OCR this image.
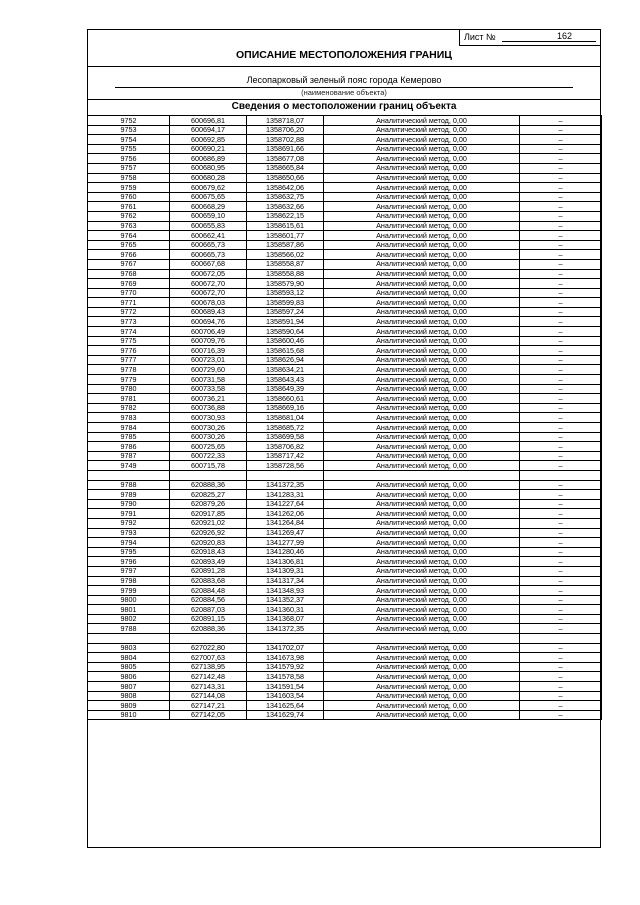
Лист №	162
ОПИСАНИЕ МЕСТОПОЛОЖЕНИЯ ГРАНИЦ
Лесопарковый зеленый пояс города Кемерово
(наименование объекта)
Сведения о местоположении границ объекта
9752	600696,81	1358718,07	Аналитический метод, 0,00	–
9753	600694,17	1358706,20	Аналитический метод, 0,00	–
9754	600692,85	1358702,88	Аналитический метод, 0,00	–
9755	600690,21	1358691,66	Аналитический метод, 0,00	–
9756	600686,89	1358677,08	Аналитический метод, 0,00	–
9757	600680,95	1358665,84	Аналитический метод, 0,00	–
9758	600680,28	1358650,66	Аналитический метод, 0,00	–
9759	600679,62	1358642,06	Аналитический метод, 0,00	–
9760	600675,65	1358632,75	Аналитический метод, 0,00	–
9761	600668,29	1358632,66	Аналитический метод, 0,00	–
9762	600659,10	1358622,15	Аналитический метод, 0,00	–
9763	600655,83	1358615,61	Аналитический метод, 0,00	–
9764	600662,41	1358601,77	Аналитический метод, 0,00	–
9765	600665,73	1358587,86	Аналитический метод, 0,00	–
9766	600665,73	1358566,02	Аналитический метод, 0,00	–
9767	600667,68	1358558,87	Аналитический метод, 0,00	–
9768	600672,05	1358558,88	Аналитический метод, 0,00	–
9769	600672,70	1358579,90	Аналитический метод, 0,00	–
9770	600672,70	1358593,12	Аналитический метод, 0,00	–
9771	600678,03	1358599,83	Аналитический метод, 0,00	–
9772	600689,43	1358597,24	Аналитический метод, 0,00	–
9773	600694,76	1358591,94	Аналитический метод, 0,00	–
9774	600706,49	1358590,64	Аналитический метод, 0,00	–
9775	600709,76	1358600,46	Аналитический метод, 0,00	–
9776	600716,39	1358615,68	Аналитический метод, 0,00	–
9777	600723,01	1358626,94	Аналитический метод, 0,00	–
9778	600729,60	1358634,21	Аналитический метод, 0,00	–
9779	600731,58	1358643,43	Аналитический метод, 0,00	–
9780	600733,58	1358649,39	Аналитический метод, 0,00	–
9781	600736,21	1358660,61	Аналитический метод, 0,00	–
9782	600736,88	1358669,16	Аналитический метод, 0,00	–
9783	600730,93	1358681,04	Аналитический метод, 0,00	–
9784	600730,26	1358685,72	Аналитический метод, 0,00	–
9785	600730,26	1358699,58	Аналитический метод, 0,00	–
9786	600725,65	1358706,82	Аналитический метод, 0,00	–
9787	600722,33	1358717,42	Аналитический метод, 0,00	–
9749	600715,78	1358728,56	Аналитический метод, 0,00	–

9788	620888,36	1341372,35	Аналитический метод, 0,00	–
9789	620825,27	1341283,31	Аналитический метод, 0,00	–
9790	620879,26	1341227,64	Аналитический метод, 0,00	–
9791	620917,85	1341262,06	Аналитический метод, 0,00	–
9792	620921,02	1341264,84	Аналитический метод, 0,00	–
9793	620926,92	1341269,47	Аналитический метод, 0,00	–
9794	620920,83	1341277,99	Аналитический метод, 0,00	–
9795	620918,43	1341280,46	Аналитический метод, 0,00	–
9796	620893,49	1341306,81	Аналитический метод, 0,00	–
9797	620891,28	1341309,31	Аналитический метод, 0,00	–
9798	620883,68	1341317,34	Аналитический метод, 0,00	–
9799	620884,48	1341348,93	Аналитический метод, 0,00	–
9800	620884,56	1341352,37	Аналитический метод, 0,00	–
9801	620887,03	1341360,31	Аналитический метод, 0,00	–
9802	620891,15	1341368,07	Аналитический метод, 0,00	–
9788	620888,36	1341372,35	Аналитический метод, 0,00	–

9803	627022,80	1341702,07	Аналитический метод, 0,00	–
9804	627007,63	1341673,98	Аналитический метод, 0,00	–
9805	627138,95	1341579,92	Аналитический метод, 0,00	–
9806	627142,48	1341578,58	Аналитический метод, 0,00	–
9807	627143,31	1341591,54	Аналитический метод, 0,00	–
9808	627144,08	1341603,54	Аналитический метод, 0,00	–
9809	627147,21	1341625,64	Аналитический метод, 0,00	–
9810	627142,05	1341629,74	Аналитический метод, 0,00	–
